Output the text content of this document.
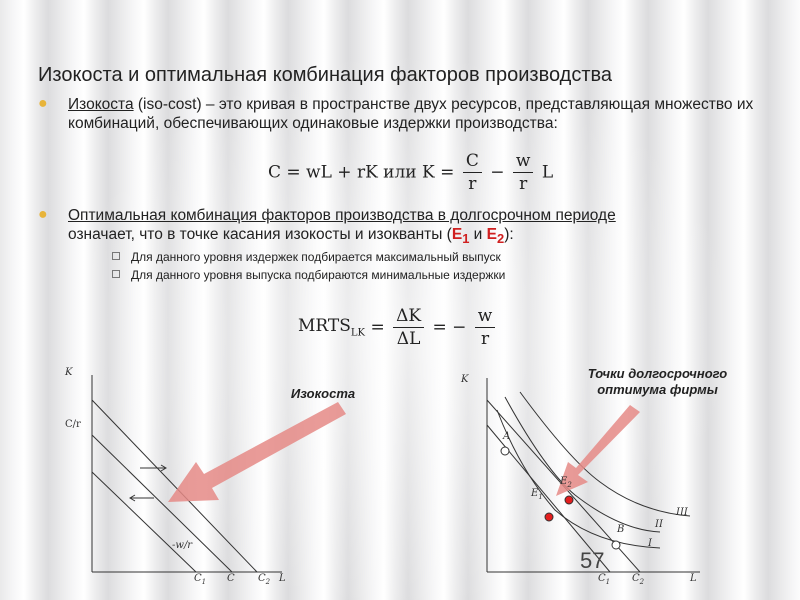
Изокоста и оптимальная комбинация факторов производства
● Изокоста (iso-cost) – это кривая в пространстве двух ресурсов, представляющая множество их комбинаций, обеспечивающих одинаковые издержки производства:
C = wL + rK или $K = \frac{C}{r} - \frac{w}{r}$ L
● Оптимальная комбинация факторов производства в долгосрочном периоде
означает, что в точке касания изокосты и изокванты ($E_1$ и $E_2$):
Для данного уровня издержек подбирается максимальный выпуск
Для данного уровня выпуска подбираются минимальные издержки
$MRTS_{LK} = \frac{\Delta K}{\Delta L}$ = − $\frac{w}{r}$
K
C/r
-w/r
$C_1$ C $C_2$ L
Изокоста
K
A
B
$E_1$
$E_2$
I
II
III
$C_1$ $C_2$	L
Точки долгосрочного оптимума фирмы
57
